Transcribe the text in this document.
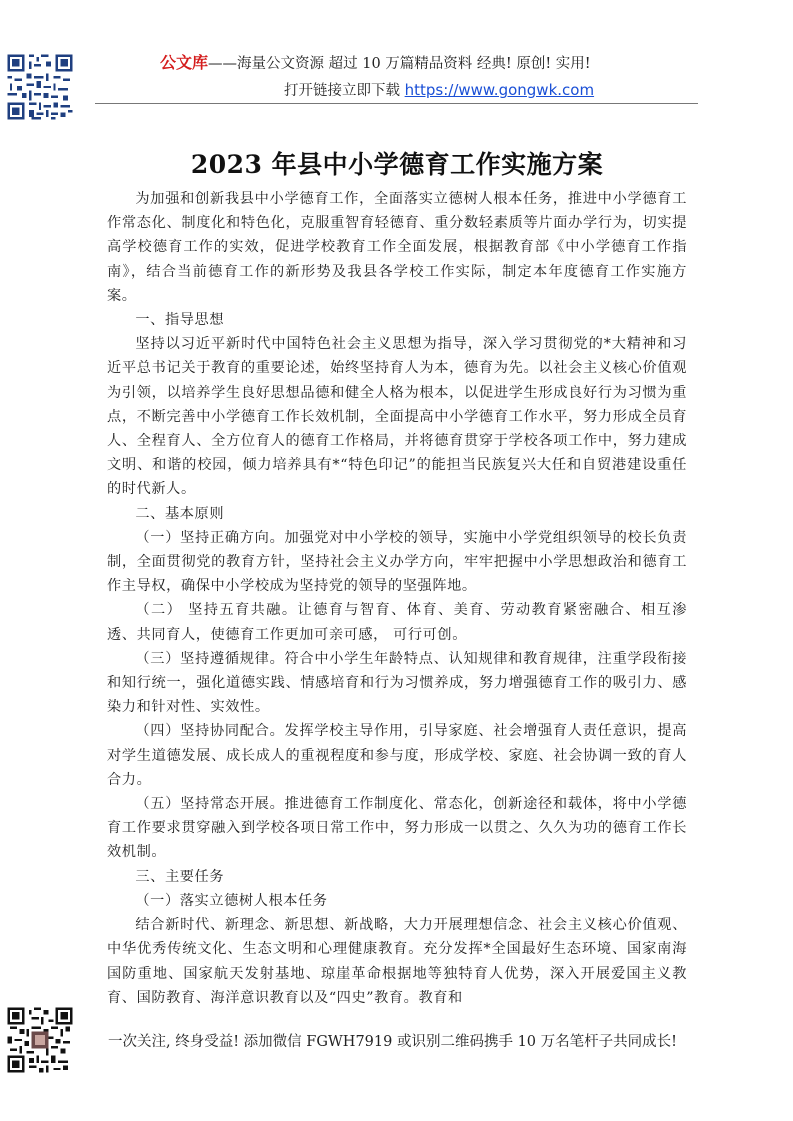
公文库——海量公文资源 超过 10 万篇精品资料 经典! 原创! 实用!
打开链接立即下载 https://www.gongwk.com
2023 年县中小学德育工作实施方案

为加强和创新我县中小学德育工作，全面落实立德树人根本任务，推进中小学德育工作常态化、制度化和特色化，克服重智育轻德育、重分数轻素质等片面办学行为，切实提高学校德育工作的实效，促进学校教育工作全面发展，根据教育部《中小学德育工作指南》，结合当前德育工作的新形势及我县各学校工作实际，制定本年度德育工作实施方案。

一、指导思想

坚持以习近平新时代中国特色社会主义思想为指导，深入学习贯彻党的*大精神和习近平总书记关于教育的重要论述，始终坚持育人为本，德育为先。以社会主义核心价值观为引领，以培养学生良好思想品德和健全人格为根本，以促进学生形成良好行为习惯为重点，不断完善中小学德育工作长效机制，全面提高中小学德育工作水平，努力形成全员育人、全程育人、全方位育人的德育工作格局，并将德育贯穿于学校各项工作中，努力建成文明、和谐的校园，倾力培养具有*“特色印记”的能担当民族复兴大任和自贸港建设重任的时代新人。

二、基本原则

（一）坚持正确方向。加强党对中小学校的领导，实施中小学党组织领导的校长负责制，全面贯彻党的教育方针，坚持社会主义办学方向，牢牢把握中小学思想政治和德育工作主导权，确保中小学校成为坚持党的领导的坚强阵地。

（二） 坚持五育共融。让德育与智育、体育、美育、劳动教育紧密融合、相互渗透、共同育人，使德育工作更加可亲可感， 可行可创。

（三）坚持遵循规律。符合中小学生年龄特点、认知规律和教育规律，注重学段衔接和知行统一，强化道德实践、情感培育和行为习惯养成，努力增强德育工作的吸引力、感染力和针对性、实效性。

（四）坚持协同配合。发挥学校主导作用，引导家庭、社会增强育人责任意识，提高对学生道德发展、成长成人的重视程度和参与度，形成学校、家庭、社会协调一致的育人合力。

（五）坚持常态开展。推进德育工作制度化、常态化，创新途径和载体，将中小学德育工作要求贯穿融入到学校各项日常工作中，努力形成一以贯之、久久为功的德育工作长效机制。

三、主要任务

（一）落实立德树人根本任务

结合新时代、新理念、新思想、新战略，大力开展理想信念、社会主义核心价值观、中华优秀传统文化、生态文明和心理健康教育。充分发挥*全国最好生态环境、国家南海国防重地、国家航天发射基地、琼崖革命根据地等独特育人优势，深入开展爱国主义教育、国防教育、海洋意识教育以及“四史”教育。教育和

一次关注, 终身受益! 添加微信 FGWH7919 或识别二维码携手 10 万名笔杆子共同成长!
